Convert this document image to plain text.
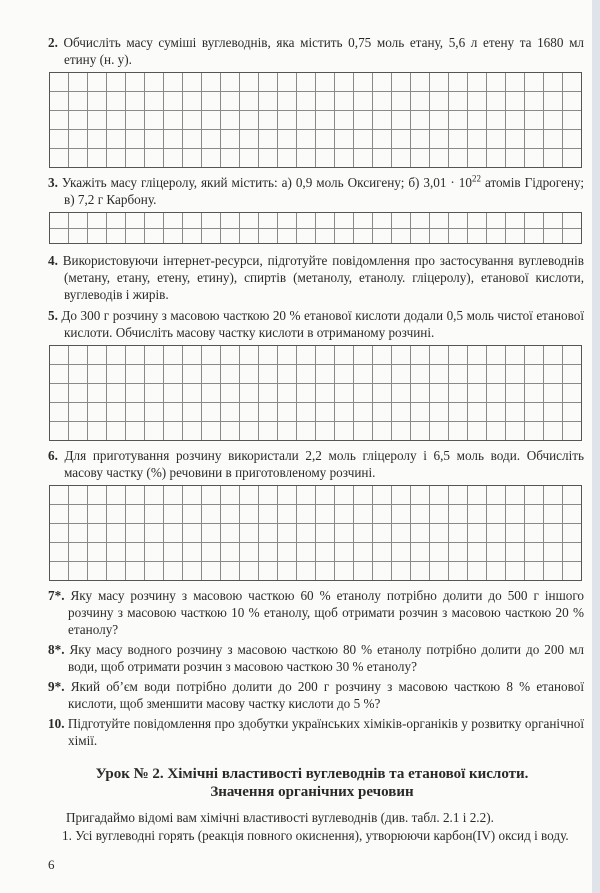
2. Обчисліть масу суміші вуглеводнів, яка містить 0,75 моль етану, 5,6 л етену та 1680 мл етину (н. у).
3. Укажіть масу гліцеролу, який містить: а) 0,9 моль Оксигену; б) $3,01 \cdot 10^{22}$ атомів Гідрогену; в) 7,2 г Карбону.
4. Використовуючи інтернет-ресурси, підготуйте повідомлення про застосування вуглеводнів (метану, етану, етену, етину), спиртів (метанолу, етанолу. гліцеролу), етанової кислоти, вуглеводів і жирів.
5. До 300 г розчину з масовою часткою 20 % етанової кислоти додали 0,5 моль чистої етанової кислоти. Обчисліть масову частку кислоти в отриманому розчині.
6. Для приготування розчину використали 2,2 моль гліцеролу і 6,5 моль води. Обчисліть масову частку (%) речовини в приготовленому розчині.
7*. Яку масу розчину з масовою часткою 60 % етанолу потрібно долити до 500 г іншого розчину з масовою часткою 10 % етанолу, щоб отримати розчин з масовою часткою 20 % етанолу?
8*. Яку масу водного розчину з масовою часткою 80 % етанолу потрібно долити до 200 мл води, щоб отримати розчин з масовою часткою 30 % етанолу?
9*. Який об’єм води потрібно долити до 200 г розчину з масовою часткою 8 % етанової кислоти, щоб зменшити масову частку кислоти до 5 %?
10. Підготуйте повідомлення про здобутки українських хіміків-органіків у розвитку органічної хімії.
Урок № 2. Хімічні властивості вуглеводнів та етанової кислоти.
Значення органічних речовин
Пригадаймо відомі вам хімічні властивості вуглеводнів (див. табл. 2.1 і 2.2).
1. Усі вуглеводні горять (реакція повного окиснення), утворюючи карбон(IV) оксид і воду.
6
